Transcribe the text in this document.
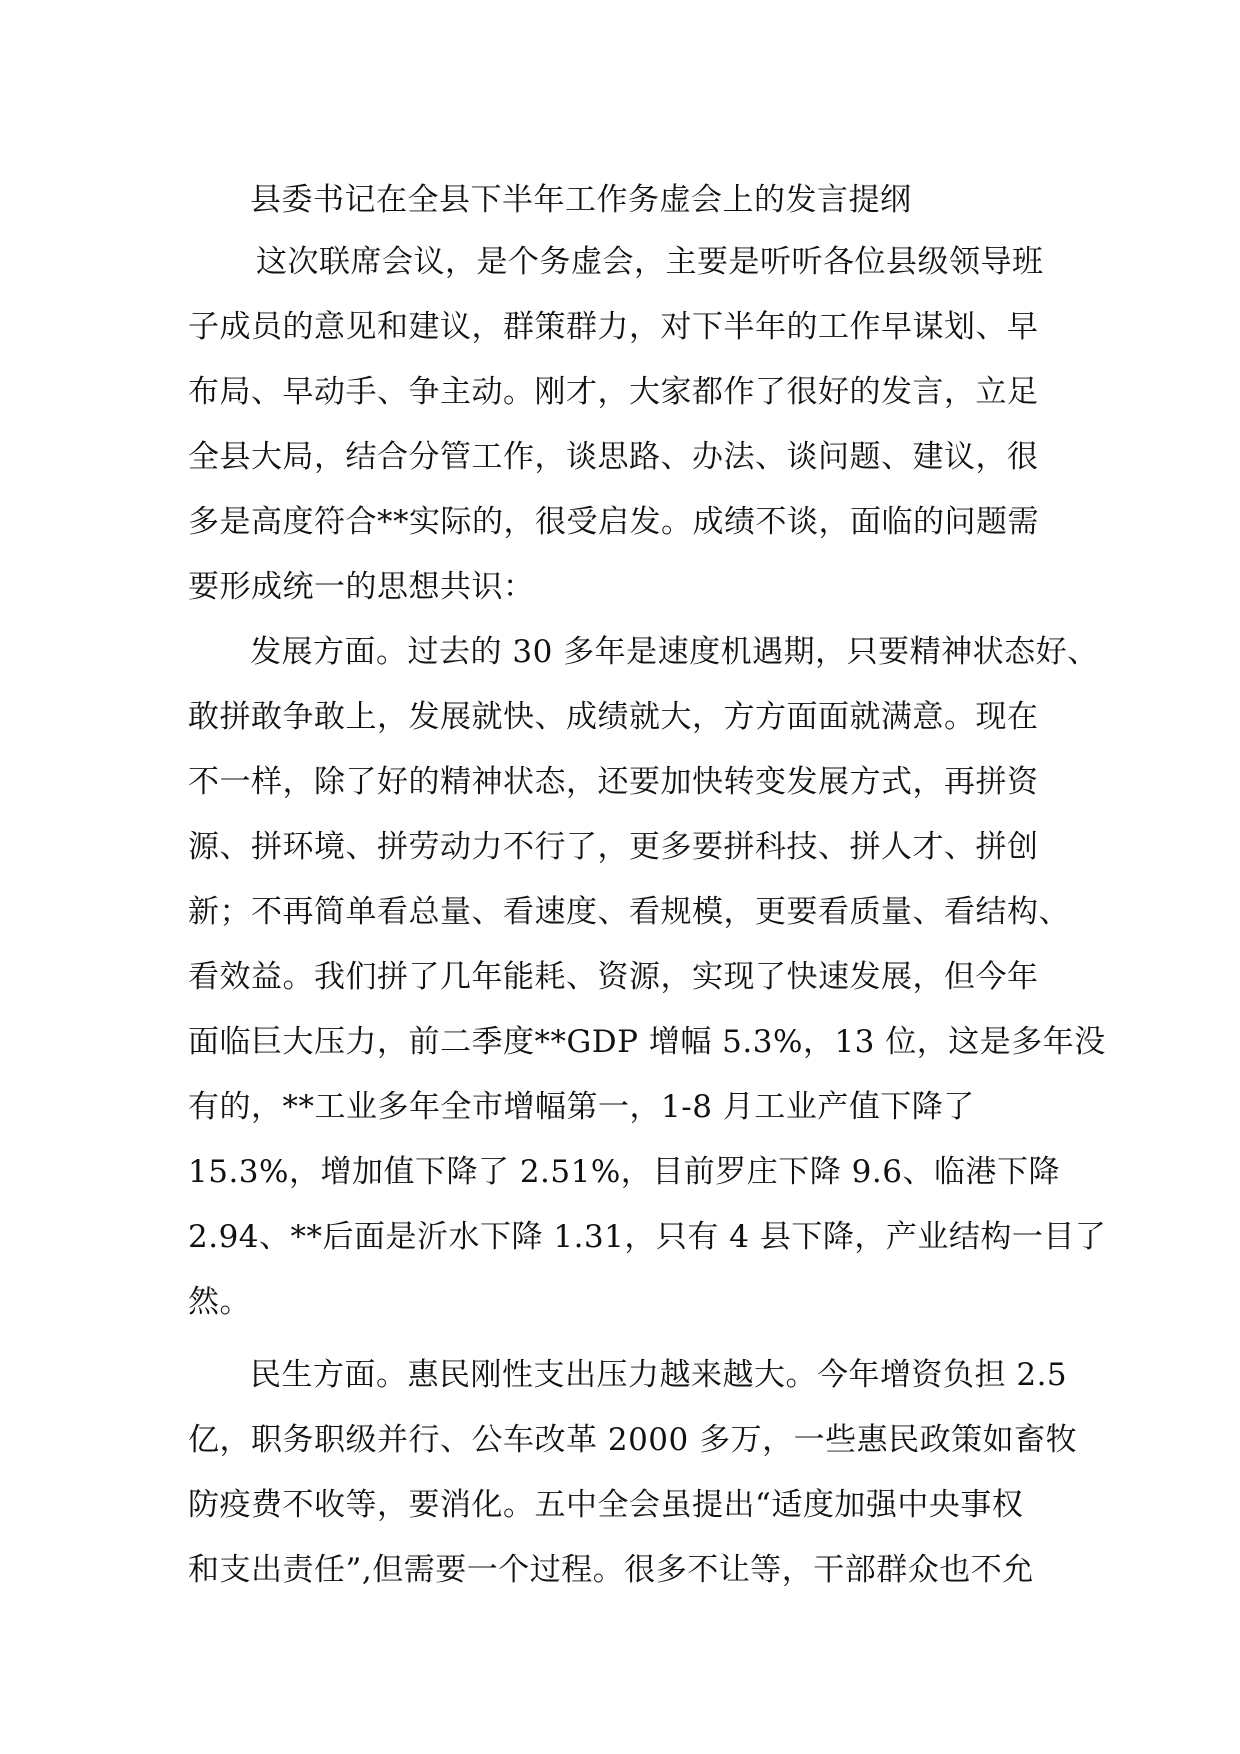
县委书记在全县下半年工作务虚会上的发言提纲

这次联席会议，是个务虚会，主要是听听各位县级领导班
子成员的意见和建议，群策群力，对下半年的工作早谋划、早
布局、早动手、争主动。刚才，大家都作了很好的发言，立足
全县大局，结合分管工作，谈思路、办法、谈问题、建议，很
多是高度符合**实际的，很受启发。成绩不谈，面临的问题需
要形成统一的思想共识：

发展方面。过去的 30 多年是速度机遇期，只要精神状态好、
敢拼敢争敢上，发展就快、成绩就大，方方面面就满意。现在
不一样，除了好的精神状态，还要加快转变发展方式，再拼资
源、拼环境、拼劳动力不行了，更多要拼科技、拼人才、拼创
新；不再简单看总量、看速度、看规模，更要看质量、看结构、
看效益。我们拼了几年能耗、资源，实现了快速发展，但今年
面临巨大压力，前二季度**GDP 增幅 5.3%，13 位，这是多年没
有的，**工业多年全市增幅第一，1-8 月工业产值下降了
15.3%，增加值下降了 2.51%，目前罗庄下降 9.6、临港下降
2.94、**后面是沂水下降 1.31，只有 4 县下降，产业结构一目了
然。

民生方面。惠民刚性支出压力越来越大。今年增资负担 2.5
亿，职务职级并行、公车改革 2000 多万，一些惠民政策如畜牧
防疫费不收等，要消化。五中全会虽提出“适度加强中央事权
和支出责任”,但需要一个过程。很多不让等，干部群众也不允
